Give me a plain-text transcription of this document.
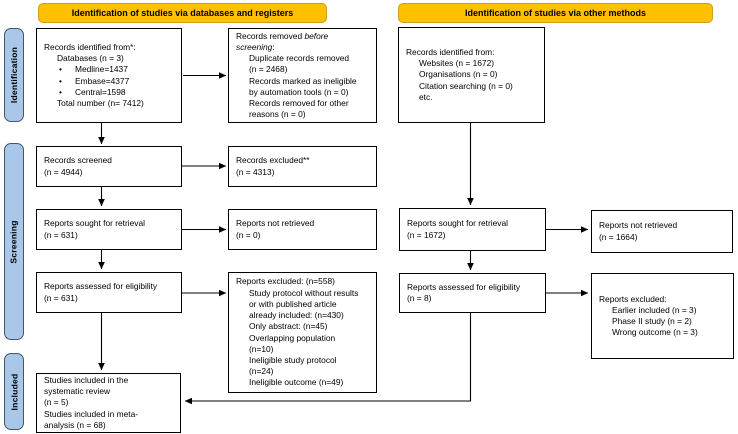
Identification of studies via databases and registers	Identification of studies via other methods
Identification
Screening
Included
Records identified from*:
Databases (n = 3)
• Medline=1437
• Embase=4377
• Central=1598
Total number (n= 7412)
Records removed before
screening:
Duplicate records removed
(n = 2468)
Records marked as ineligible
by automation tools (n = 0)
Records removed for other
reasons (n = 0)
Records screened
(n = 4944)
Records excluded**
(n = 4313)
Reports sought for retrieval
(n = 631)
Reports not retrieved
(n = 0)
Reports assessed for eligibility
(n = 631)
Reports excluded: (n=558)
Study protocol without results
or with published article
already included: (n=430)
Only abstract: (n=45)
Overlapping population
(n=10)
Ineligible study protocol
(n=24)
Ineligible outcome (n=49)
Studies included in the
systematic review
(n = 5)
Studies included in meta-
analysis (n = 68)
Records identified from:
Websites (n = 1672)
Organisations (n = 0)
Citation searching (n = 0)
etc.
Reports sought for retrieval
(n = 1672)
Reports not retrieved
(n = 1664)
Reports assessed for eligibility
(n = 8)	Reports excluded:
Earlier included (n = 3)
Phase II study (n = 2)
Wrong outcome (n = 3)
